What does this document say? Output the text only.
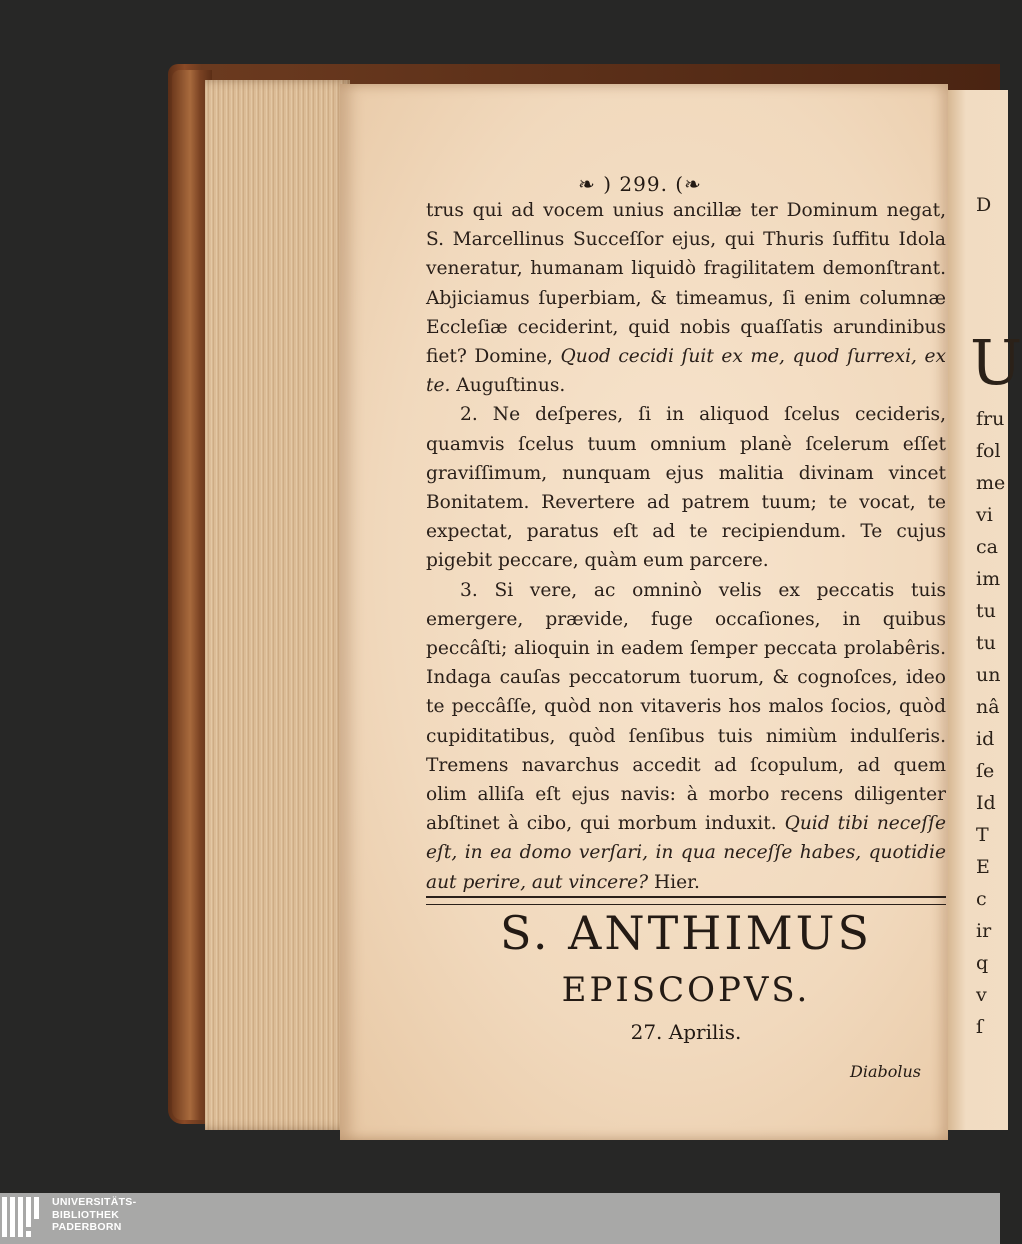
❧ ) 299. (❧

trus qui ad vocem unius ancillæ ter Dominum negat, S. Marcellinus Succeſſor ejus, qui Thuris ſuffitu Idola veneratur, humanam liquidò fragilitatem demonſtrant. Abjiciamus ſuperbiam, & timeamus, ſi enim columnæ Eccleſiæ ceciderint, quid nobis quaſſatis arundinibus fiet? Domine, Quod cecidi ſuit ex me, quod ſurrexi, ex te. Auguſtinus.

2. Ne deſperes, ſi in aliquod ſcelus cecideris, quamvis ſcelus tuum omnium planè ſcelerum eſſet graviſſimum, nunquam ejus malitia divinam vincet Bonitatem. Revertere ad patrem tuum; te vocat, te expectat, paratus eſt ad te recipiendum. Te cujus pigebit peccare, quàm eum parcere.

3. Si vere, ac omninò velis ex peccatis tuis emergere, prævide, fuge occaſiones, in quibus peccâſti; alioquin in eadem ſemper peccata prolabêris. Indaga cauſas peccatorum tuorum, & cognoſces, ideo te peccâſſe, quòd non vitaveris hos malos ſocios, quòd cupiditatibus, quòd ſenſibus tuis nimiùm indulſeris. Tremens navarchus accedit ad ſcopulum, ad quem olim alliſa eſt ejus navis: à morbo recens diligenter abſtinet à cibo, qui morbum induxit. Quid tibi neceſſe eſt, in ea domo verſari, in qua neceſſe habes, quotidie aut perire, aut vincere? Hier.

S. ANTHIMUS
EPISCOPVS.
27. Aprilis.
Diabolus
D
U
fru
fol
me
vi
ca
im
tu
tu
un
nâ
id
ſe
Id
T
E
c
ir
q
v
ſ
UNIVERSITÄTS-
BIBLIOTHEK
PADERBORN
